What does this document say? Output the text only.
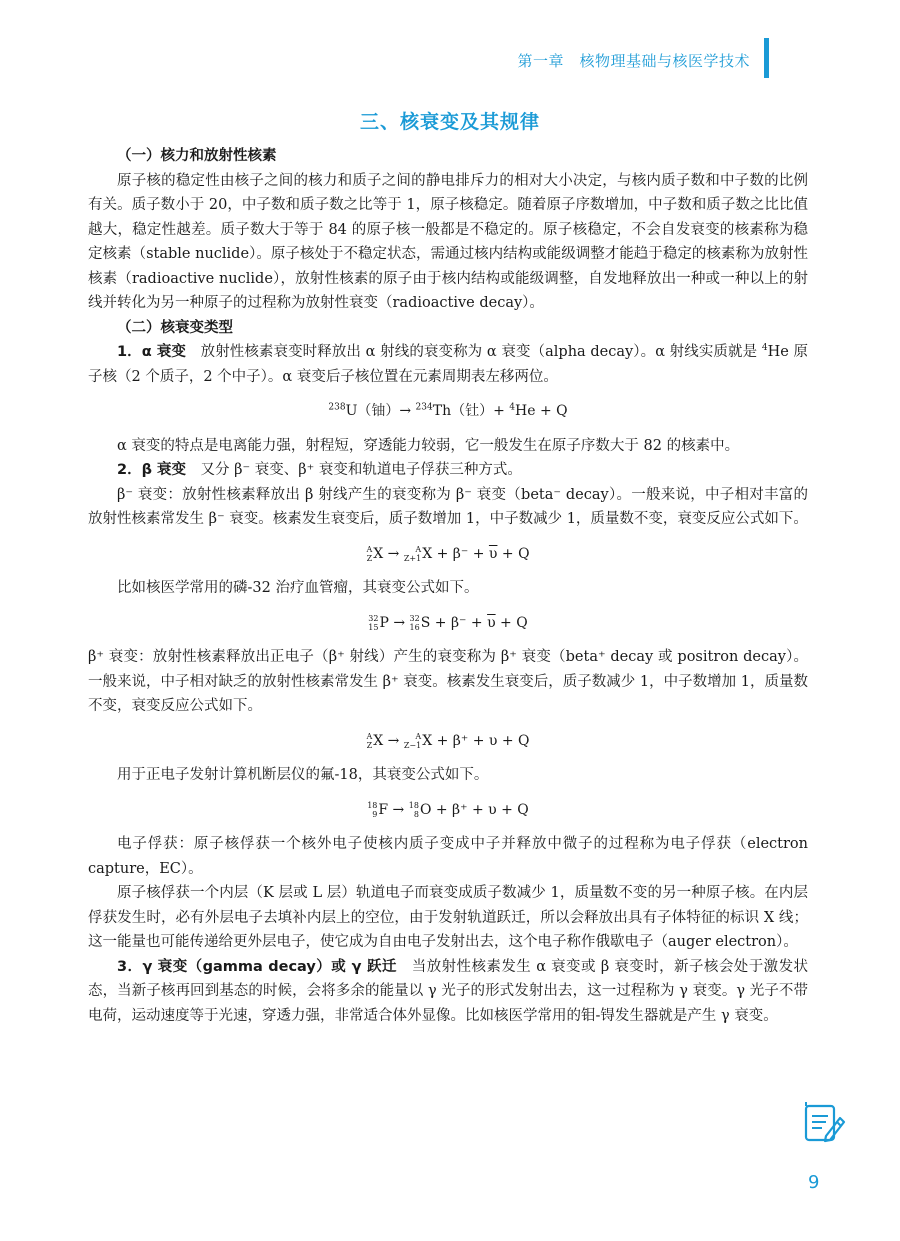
第一章　核物理基础与核医学技术
三、核衰变及其规律

（一）核力和放射性核素

原子核的稳定性由核子之间的核力和质子之间的静电排斥力的相对大小决定，与核内质子数和中子数的比例有关。质子数小于 20，中子数和质子数之比等于 1，原子核稳定。随着原子序数增加，中子数和质子数之比比值越大，稳定性越差。质子数大于等于 84 的原子核一般都是不稳定的。原子核稳定，不会自发衰变的核素称为稳定核素（stable nuclide）。原子核处于不稳定状态，需通过核内结构或能级调整才能趋于稳定的核素称为放射性核素（radioactive nuclide），放射性核素的原子由于核内结构或能级调整，自发地释放出一种或一种以上的射线并转化为另一种原子的过程称为放射性衰变（radioactive decay）。

（二）核衰变类型

1．α 衰变　 放射性核素衰变时释放出 α 射线的衰变称为 α 衰变（alpha decay）。α 射线实质就是 $^4$He 原子核（2 个质子，2 个中子）。α 衰变后子核位置在元素周期表左移两位。

$^{238}$U（铀）→ $^{234}$Th（钍）+ $^4$He + Q

α 衰变的特点是电离能力强，射程短，穿透能力较弱，它一般发生在原子序数大于 82 的核素中。

2．β 衰变　 又分 β⁻ 衰变、β⁺ 衰变和轨道电子俘获三种方式。

β⁻ 衰变：放射性核素释放出 β 射线产生的衰变称为 β⁻ 衰变（beta⁻ decay）。一般来说，中子相对丰富的放射性核素常发生 β⁻ 衰变。核素发生衰变后，质子数增加 1，中子数减少 1，质量数不变，衰变反应公式如下。

A
Z X →	A
Z+1 $X + \beta^- + \overline{\upsilon} + Q$

比如核医学常用的磷-32 治疗血管瘤，其衰变公式如下。

32
15 P → 32
16 $S + \beta^- + \overline{\upsilon} + Q$

β⁺ 衰变：放射性核素释放出正电子（β⁺ 射线）产生的衰变称为 β⁺ 衰变（beta⁺ decay 或 positron decay）。一般来说，中子相对缺乏的放射性核素常发生 β⁺ 衰变。核素发生衰变后，质子数减少 1，中子数增加 1，质量数不变，衰变反应公式如下。

A
Z X →	A
Z−1 X + β⁺ + υ + Q

用于正电子发射计算机断层仪的氟-18，其衰变公式如下。

18
9 F → 18
8 O + β⁺ + υ + Q

电子俘获：原子核俘获一个核外电子使核内质子变成中子并释放中微子的过程称为电子俘获（electron capture，EC）。

原子核俘获一个内层（K 层或 L 层）轨道电子而衰变成质子数减少 1，质量数不变的另一种原子核。在内层俘获发生时，必有外层电子去填补内层上的空位，由于发射轨道跃迁，所以会释放出具有子体特征的标识 X 线；这一能量也可能传递给更外层电子，使它成为自由电子发射出去，这个电子称作俄歇电子（auger electron）。

3．γ 衰变（gamma decay）或 γ 跃迁　 当放射性核素发生 α 衰变或 β 衰变时，新子核会处于激发状态，当新子核再回到基态的时候，会将多余的能量以 γ 光子的形式发射出去，这一过程称为 γ 衰变。γ 光子不带电荷，运动速度等于光速，穿透力强，非常适合体外显像。比如核医学常用的钼-锝发生器就是产生 γ 衰变。

9
